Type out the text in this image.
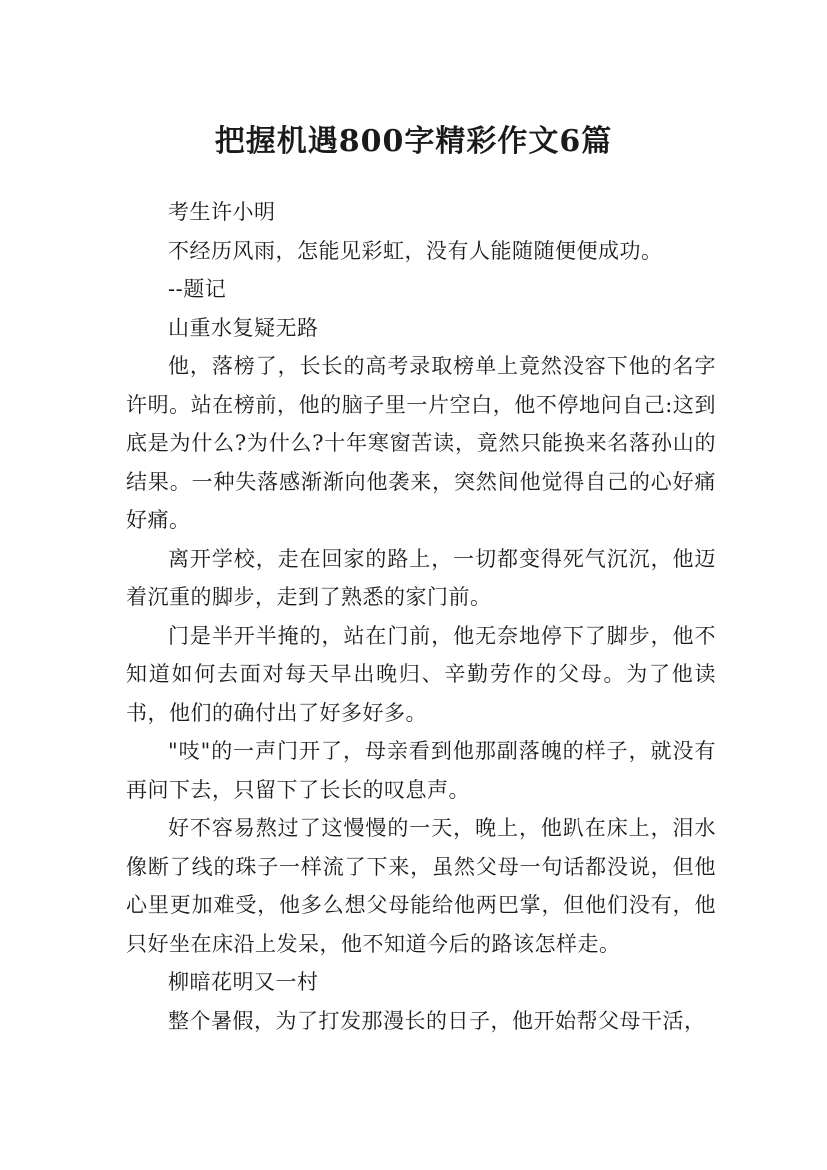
把握机遇800字精彩作文6篇

考生许小明

不经历风雨，怎能见彩虹，没有人能随随便便成功。

--题记

山重水复疑无路

他，落榜了，长长的高考录取榜单上竟然没容下他的名字许明。站在榜前，他的脑子里一片空白，他不停地问自己:这到底是为什么?为什么?十年寒窗苦读，竟然只能换来名落孙山的结果。一种失落感渐渐向他袭来，突然间他觉得自己的心好痛好痛。

离开学校，走在回家的路上，一切都变得死气沉沉，他迈着沉重的脚步，走到了熟悉的家门前。

门是半开半掩的，站在门前，他无奈地停下了脚步，他不知道如何去面对每天早出晚归、辛勤劳作的父母。为了他读书，他们的确付出了好多好多。

"吱"的一声门开了，母亲看到他那副落魄的样子，就没有再问下去，只留下了长长的叹息声。

好不容易熬过了这慢慢的一天，晚上，他趴在床上，泪水像断了线的珠子一样流了下来，虽然父母一句话都没说，但他心里更加难受，他多么想父母能给他两巴掌，但他们没有，他只好坐在床沿上发呆，他不知道今后的路该怎样走。

柳暗花明又一村

整个暑假，为了打发那漫长的日子，他开始帮父母干活，
